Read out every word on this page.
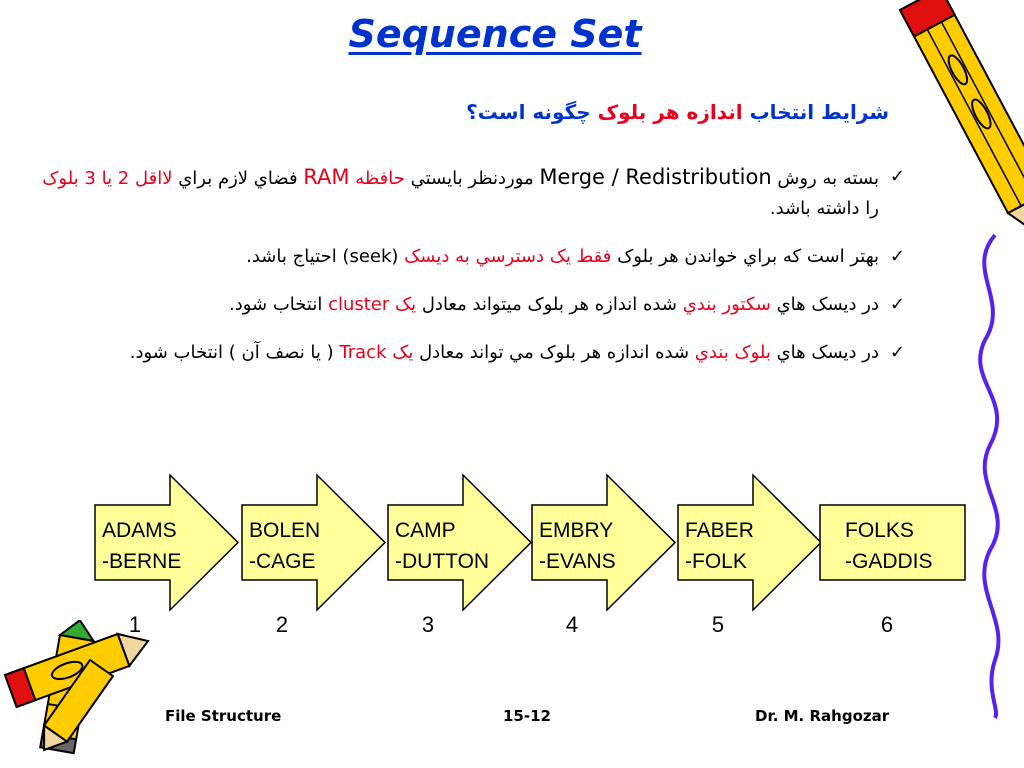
Sequence Set
شرايط انتخاب اندازه هر بلوک چگونه است؟
✓
بسته به روش Merge / Redistribution موردنظر بايستي حافظه RAM فضاي لازم براي لااقل 2 يا 3 بلوک را داشته باشد.
✓
بهتر است که براي خواندن هر بلوک فقط يک دسترسي به ديسک (seek) احتياج باشد.
✓
در ديسک هاي سکتور بندي شده اندازه هر بلوک ميتواند معادل يک cluster انتخاب شود.
✓
در ديسک هاي بلوک بندي شده اندازه هر بلوک مي تواند معادل يک Track ( يا نصف آن ) انتخاب شود.
ADAMS
-BERNE
1
BOLEN
-CAGE
2
CAMP
-DUTTON
3
EMBRY
-EVANS
4
FABER
-FOLK
5
FOLKS
-GADDIS
6
File Structure	15-12	Dr. M. Rahgozar
